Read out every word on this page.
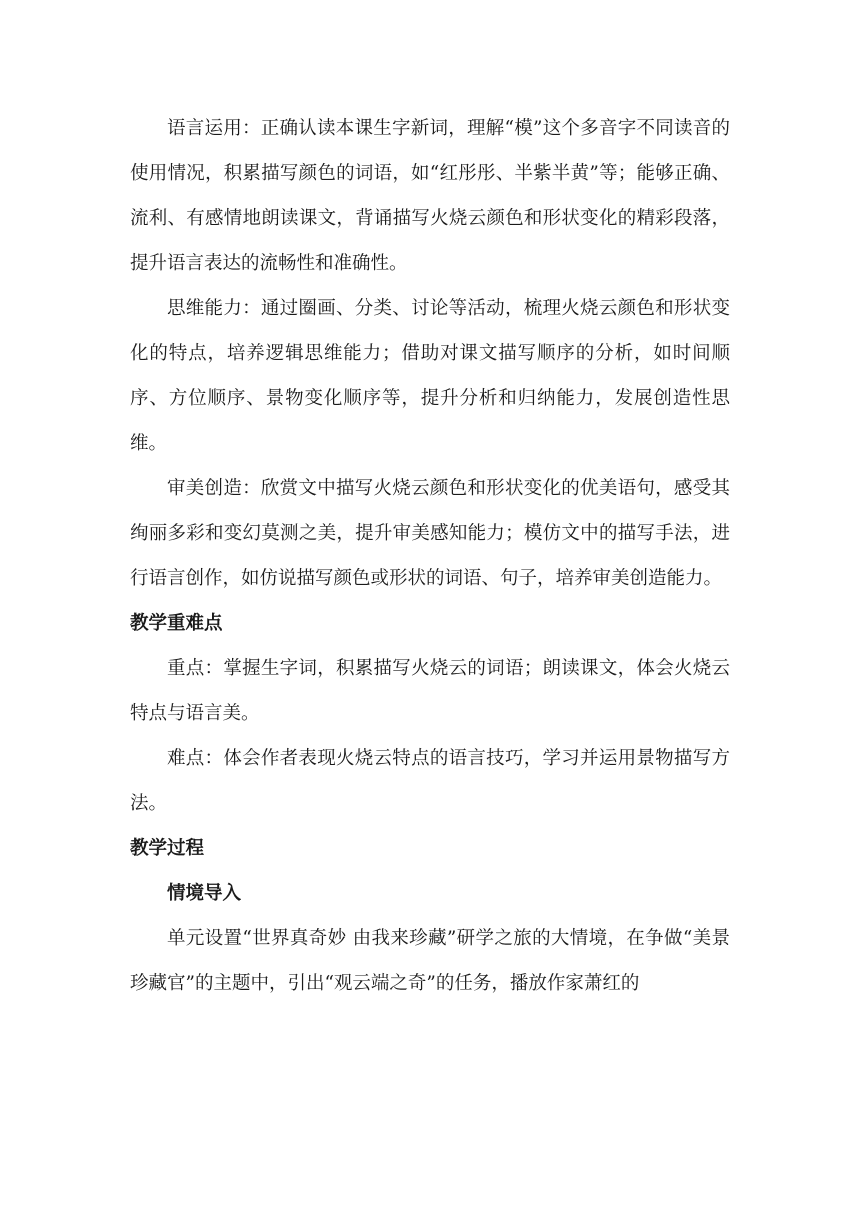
语言运用：正确认读本课生字新词，理解“模”这个多音字不同读音的使用情况，积累描写颜色的词语，如“红彤彤、半紫半黄”等；能够正确、流利、有感情地朗读课文，背诵描写火烧云颜色和形状变化的精彩段落，提升语言表达的流畅性和准确性。

思维能力：通过圈画、分类、讨论等活动，梳理火烧云颜色和形状变化的特点，培养逻辑思维能力；借助对课文描写顺序的分析，如时间顺序、方位顺序、景物变化顺序等，提升分析和归纳能力，发展创造性思维。

审美创造：欣赏文中描写火烧云颜色和形状变化的优美语句，感受其绚丽多彩和变幻莫测之美，提升审美感知能力；模仿文中的描写手法，进行语言创作，如仿说描写颜色或形状的词语、句子，培养审美创造能力。

教学重难点

重点：掌握生字词，积累描写火烧云的词语；朗读课文，体会火烧云特点与语言美。

难点：体会作者表现火烧云特点的语言技巧，学习并运用景物描写方法。

教学过程

情境导入

单元设置“世界真奇妙 由我来珍藏”研学之旅的大情境，在争做“美景珍藏官”的主题中，引出“观云端之奇”的任务，播放作家萧红的
